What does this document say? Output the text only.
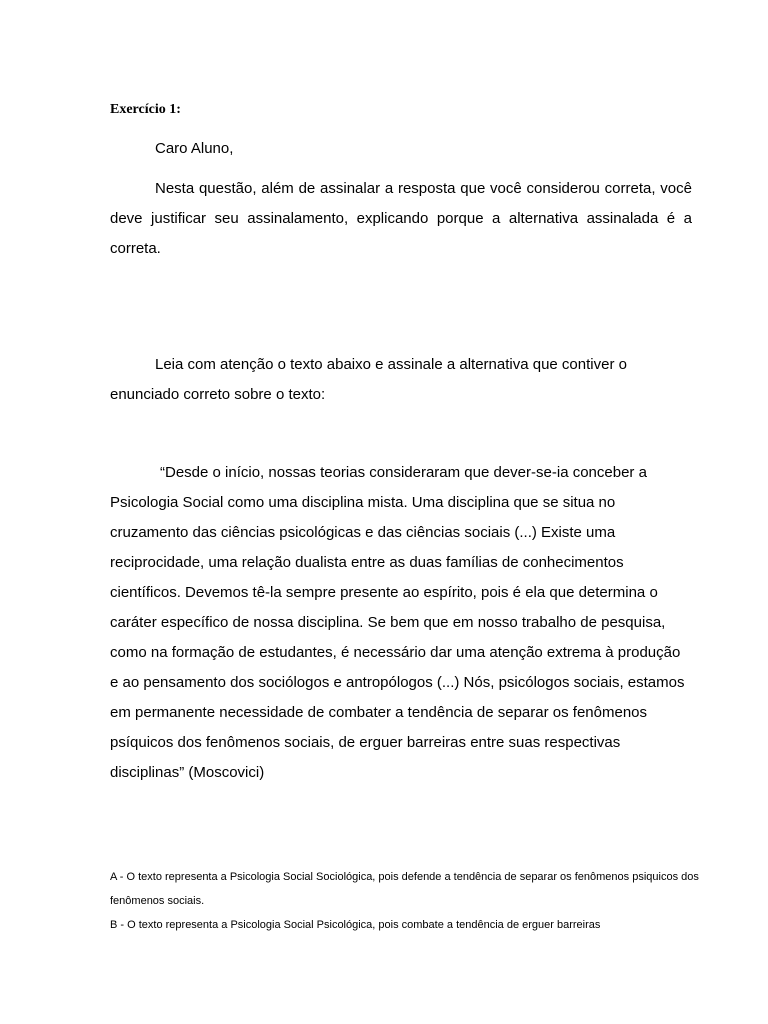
Exercício 1:

Caro Aluno,

Nesta questão, além de assinalar a resposta que você considerou correta, você deve justificar seu assinalamento, explicando porque a alternativa assinalada é a correta.

Leia com atenção o texto abaixo e assinale a alternativa que contiver o enunciado correto sobre o texto:

“Desde o início, nossas teorias consideraram que dever-se-ia conceber a Psicologia Social como uma disciplina mista. Uma disciplina que se situa no cruzamento das ciências psicológicas e das ciências sociais (...) Existe uma reciprocidade, uma relação dualista entre as duas famílias de conhecimentos científicos. Devemos tê-la sempre presente ao espírito, pois é ela que determina o caráter específico de nossa disciplina. Se bem que em nosso trabalho de pesquisa, como na formação de estudantes, é necessário dar uma atenção extrema à produção e ao pensamento dos sociólogos e antropólogos (...) Nós, psicólogos sociais, estamos em permanente necessidade de combater a tendência de separar os fenômenos psíquicos dos fenômenos sociais, de erguer barreiras entre suas respectivas disciplinas” (Moscovici)

A - O texto representa a Psicologia Social Sociológica, pois defende a tendência de separar os fenômenos psiquicos dos fenômenos sociais.

B - O texto representa a Psicologia Social Psicológica, pois combate a tendência de erguer barreiras
